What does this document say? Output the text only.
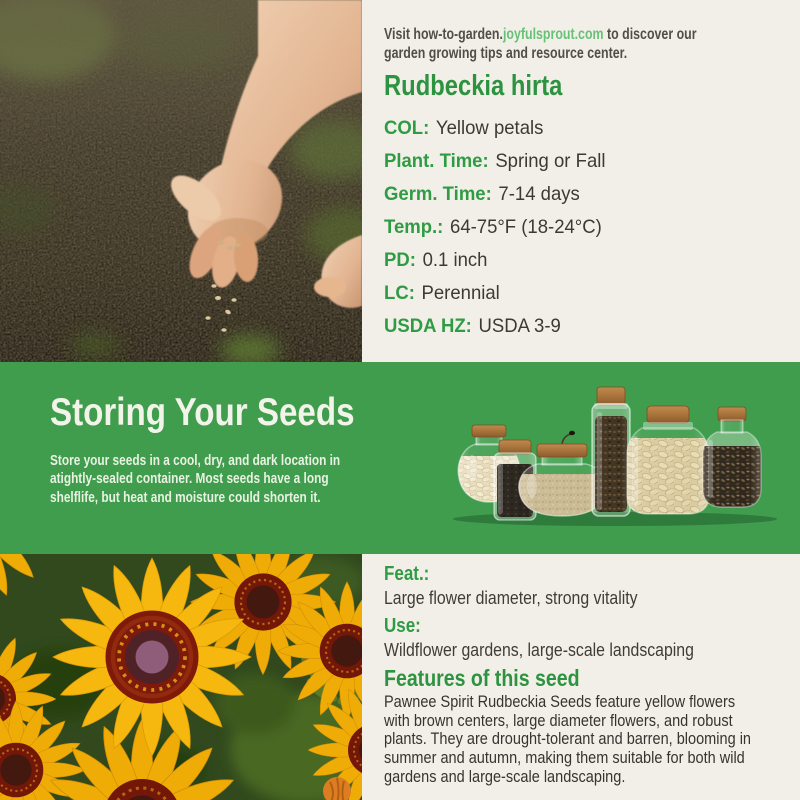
Visit how-to-garden.joyfulsprout.com to discover our garden growing tips and resource center.
Rudbeckia hirta
COL: Yellow petals
Plant. Time: Spring or Fall
Germ. Time: 7-14 days
Temp.: 64-75°F (18-24°C)
PD: 0.1 inch
LC: Perennial
USDA HZ: USDA 3-9
Storing Your Seeds
Store your seeds in a cool, dry, and dark location in atightly-sealed container. Most seeds have a long shelflife, but heat and moisture could shorten it.
Feat.:
Large flower diameter, strong vitality
Use:
Wildflower gardens, large-scale landscaping
Features of this seed
Pawnee Spirit Rudbeckia Seeds feature yellow flowers with brown centers, large diameter flowers, and robust plants. They are drought-tolerant and barren, blooming in summer and autumn, making them suitable for both wild gardens and large-scale landscaping.
